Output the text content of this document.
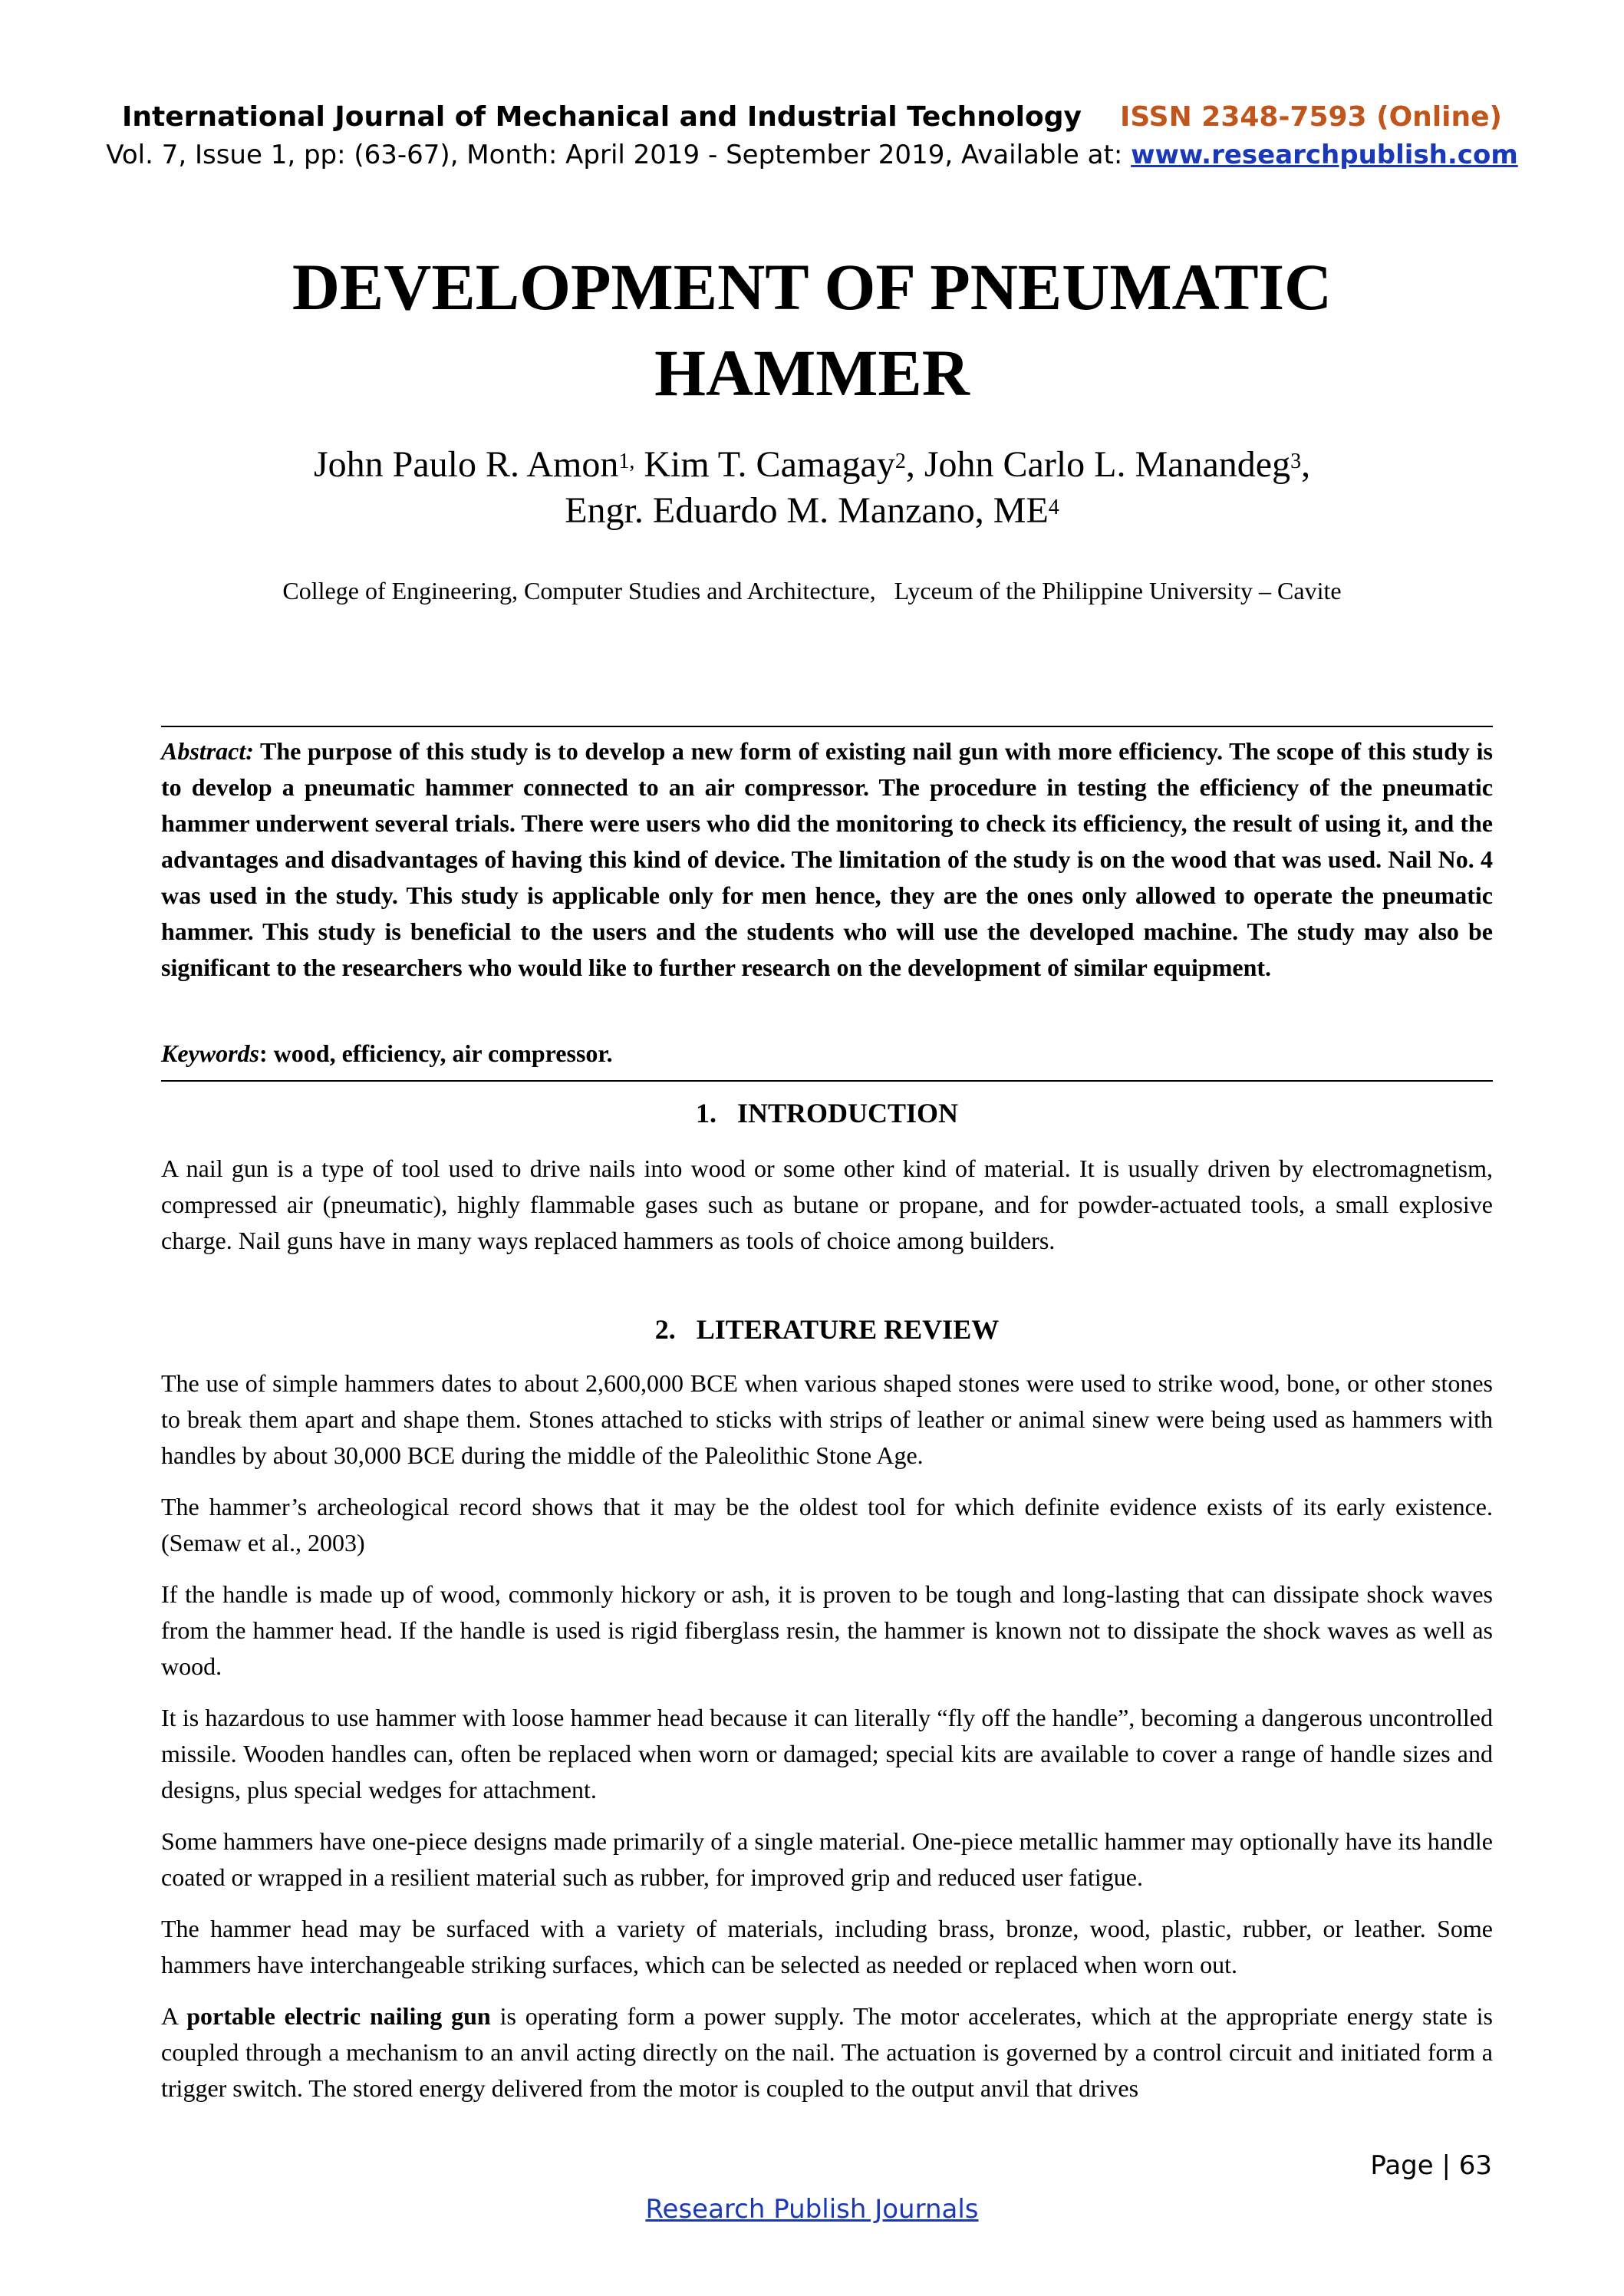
International Journal of Mechanical and Industrial Technology ISSN 2348-7593 (Online)
Vol. 7, Issue 1, pp: (63-67), Month: April 2019 - September 2019, Available at: www.researchpublish.com
DEVELOPMENT OF PNEUMATIC
HAMMER
John Paulo R. Amon$^{1,}$ Kim T. Camagay$^2$, John Carlo L. Manandeg$^3$,
Engr. Eduardo M. Manzano, $ME^4$
College of Engineering, Computer Studies and Architecture,   Lyceum of the Philippine University – Cavite
Abstract: The purpose of this study is to develop a new form of existing nail gun with more efficiency. The scope of this study is to develop a pneumatic hammer connected to an air compressor. The procedure in testing the efficiency of the pneumatic hammer underwent several trials. There were users who did the monitoring to check its efficiency, the result of using it, and the advantages and disadvantages of having this kind of device. The limitation of the study is on the wood that was used. Nail No. 4 was used in the study. This study is applicable only for men hence, they are the ones only allowed to operate the pneumatic hammer. This study is beneficial to the users and the students who will use the developed machine. The study may also be significant to the researchers who would like to further research on the development of similar equipment.
Keywords: wood, efficiency, air compressor.
1.   INTRODUCTION

A nail gun is a type of tool used to drive nails into wood or some other kind of material. It is usually driven by electromagnetism, compressed air (pneumatic), highly flammable gases such as butane or propane, and for powder-actuated tools, a small explosive charge. Nail guns have in many ways replaced hammers as tools of choice among builders.

2.   LITERATURE REVIEW

The use of simple hammers dates to about 2,600,000 BCE when various shaped stones were used to strike wood, bone, or other stones to break them apart and shape them. Stones attached to sticks with strips of leather or animal sinew were being used as hammers with handles by about 30,000 BCE during the middle of the Paleolithic Stone Age.

The hammer’s archeological record shows that it may be the oldest tool for which definite evidence exists of its early existence. (Semaw et al., 2003)

If the handle is made up of wood, commonly hickory or ash, it is proven to be tough and long-lasting that can dissipate shock waves from the hammer head. If the handle is used is rigid fiberglass resin, the hammer is known not to dissipate the shock waves as well as wood.

It is hazardous to use hammer with loose hammer head because it can literally “fly off the handle”, becoming a dangerous uncontrolled missile. Wooden handles can, often be replaced when worn or damaged; special kits are available to cover a range of handle sizes and designs, plus special wedges for attachment.

Some hammers have one-piece designs made primarily of a single material. One-piece metallic hammer may optionally have its handle coated or wrapped in a resilient material such as rubber, for improved grip and reduced user fatigue.

The hammer head may be surfaced with a variety of materials, including brass, bronze, wood, plastic, rubber, or leather. Some hammers have interchangeable striking surfaces, which can be selected as needed or replaced when worn out.

A portable electric nailing gun is operating form a power supply. The motor accelerates, which at the appropriate energy state is coupled through a mechanism to an anvil acting directly on the nail. The actuation is governed by a control circuit and initiated form a trigger switch. The stored energy delivered from the motor is coupled to the output anvil that drives

Page | 63
Research Publish Journals
